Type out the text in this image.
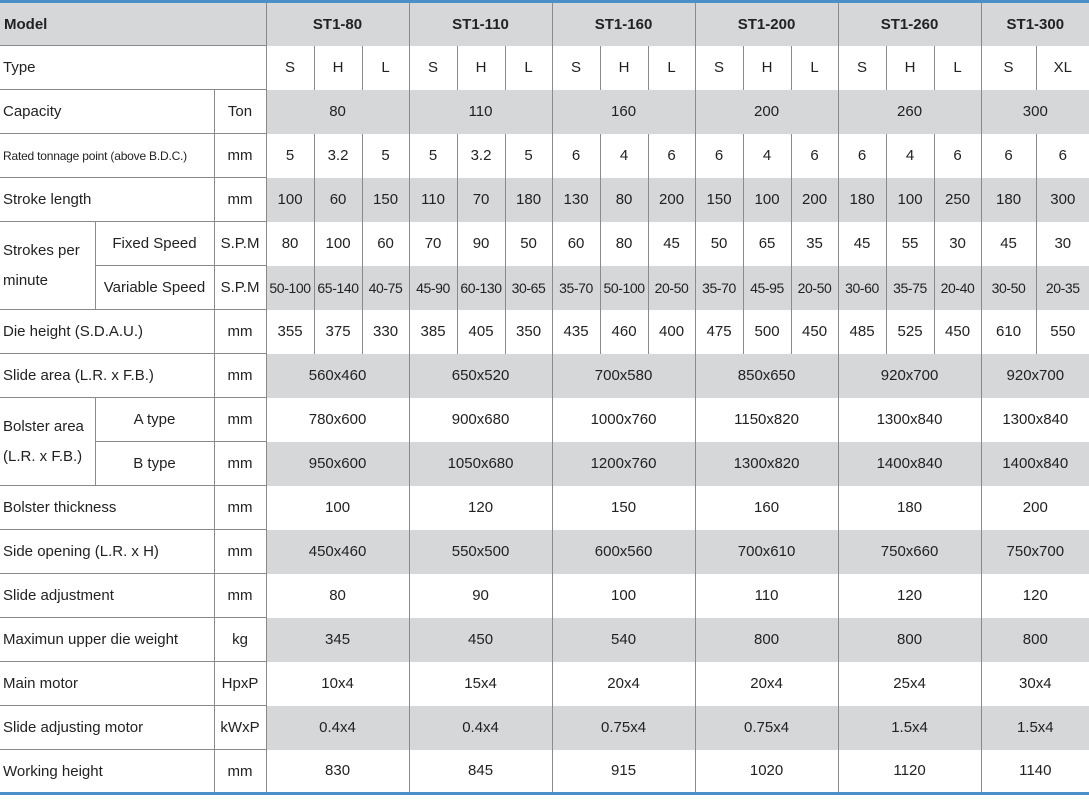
Model			ST1-80			ST1-110			ST1-160			ST1-200			ST1-260			ST1-300	
Type			S	H	L	S	H	L	S	H	L	S	H	L	S	H	L	S	XL
Capacity		Ton	80			110			160			200			260			300	
Rated tonnage point (above B.D.C.)		mm	5	3.2	5	5	3.2	5	6	4	6	6	4	6	6	4	6	6	6
Stroke length		mm	100	60	150	110	70	180	130	80	200	150	100	200	180	100	250	180	300
Strokes per minute	Fixed Speed	S.P.M	80	100	60	70	90	50	60	80	45	50	65	35	45	55	30	45	30
	Variable Speed	S.P.M	50-100	65-140	40-75	45-90	60-130	30-65	35-70	50-100	20-50	35-70	45-95	20-50	30-60	35-75	20-40	30-50	20-35
Die height (S.D.A.U.)		mm	355	375	330	385	405	350	435	460	400	475	500	450	485	525	450	610	550
Slide area (L.R. x F.B.)		mm	560x460			650x520			700x580			850x650			920x700			920x700	
Bolster area (L.R. x F.B.)	A type	mm	780x600			900x680			1000x760			1150x820			1300x840			1300x840	
	B type	mm	950x600			1050x680			1200x760			1300x820			1400x840			1400x840	
Bolster thickness		mm	100			120			150			160			180			200	
Side opening (L.R. x H)		mm	450x460			550x500			600x560			700x610			750x660			750x700	
Slide adjustment		mm	80			90			100			110			120			120	
Maximun upper die weight		kg	345			450			540			800			800			800	
Main motor		HpxP	10x4			15x4			20x4			20x4			25x4			30x4	
Slide adjusting motor		kWxP	0.4x4			0.4x4			0.75x4			0.75x4			1.5x4			1.5x4	
Working height		mm	830			845			915			1020			1120			1140	
